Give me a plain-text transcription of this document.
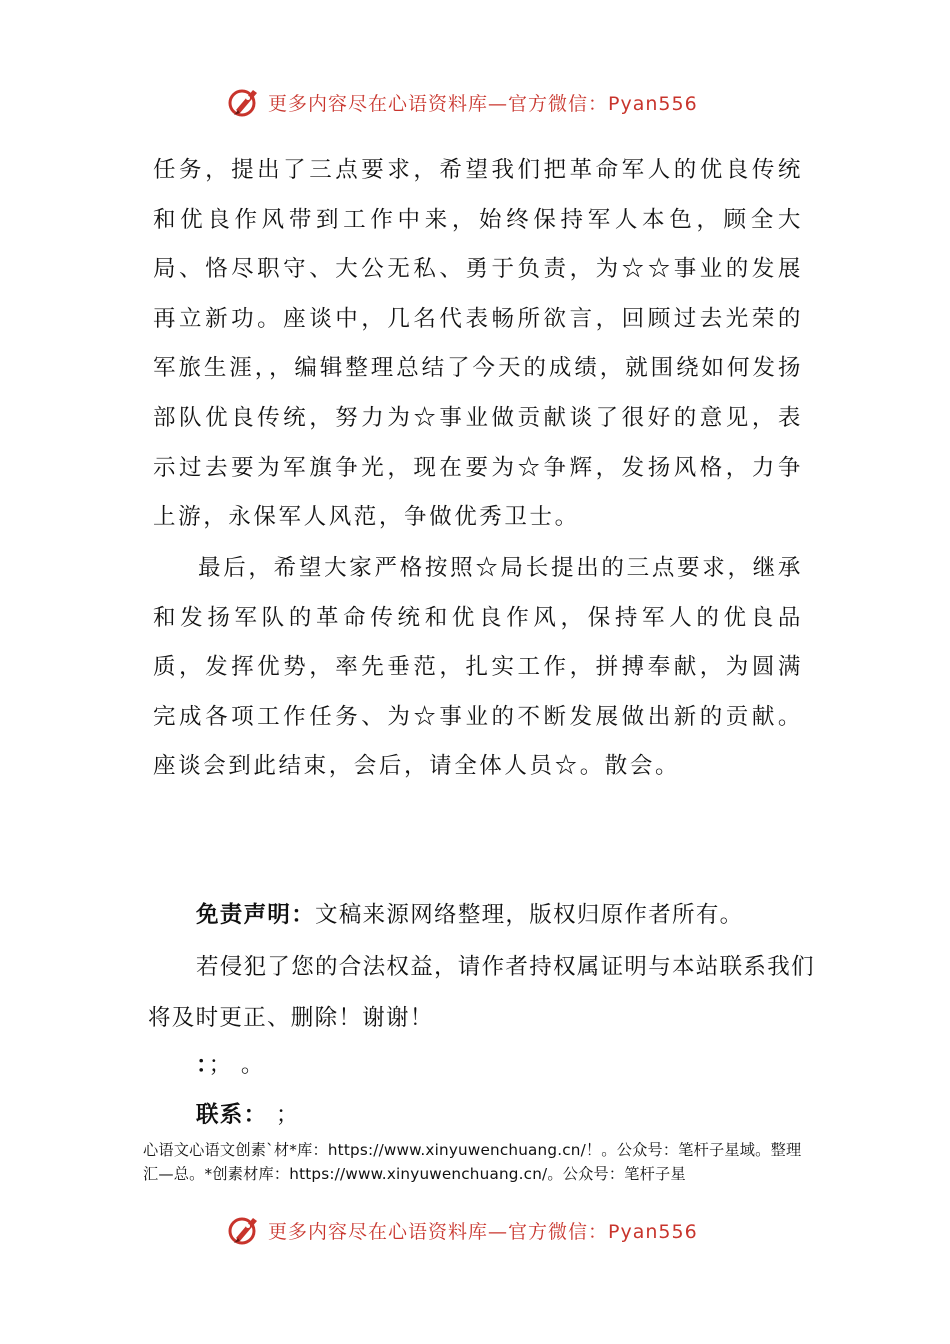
更多内容尽在心语资料库—官方微信：Pyan556

任务，提出了三点要求，希望我们把革命军人的优良传统和优良作风带到工作中来，始终保持军人本色，顾全大局、恪尽职守、大公无私、勇于负责，为☆☆事业的发展再立新功。座谈中，几名代表畅所欲言，回顾过去光荣的军旅生涯，，编辑整理总结了今天的成绩，就围绕如何发扬部队优良传统，努力为☆事业做贡献谈了很好的意见，表示过去要为军旗争光，现在要为☆争辉，发扬风格，力争上游，永保军人风范，争做优秀卫士。

最后，希望大家严格按照☆局长提出的三点要求，继承和发扬军队的革命传统和优良作风，保持军人的优良品质，发挥优势，率先垂范，扎实工作，拼搏奉献，为圆满完成各项工作任务、为☆事业的不断发展做出新的贡献。座谈会到此结束，会后，请全体人员☆。散会。

免责声明：文稿来源网络整理，版权归原作者所有。

若侵犯了您的合法权益，请作者持权属证明与本站联系我们将及时更正、删除！谢谢！

：； 。

联系： ；

心语文心语文创素`材*库：https://www.xinyuwenchuang.cn/！。公众号：笔杆子星域。整理汇—总。*创素材库：https://www.xinyuwenchuang.cn/。公众号：笔杆子星

更多内容尽在心语资料库—官方微信：Pyan556
